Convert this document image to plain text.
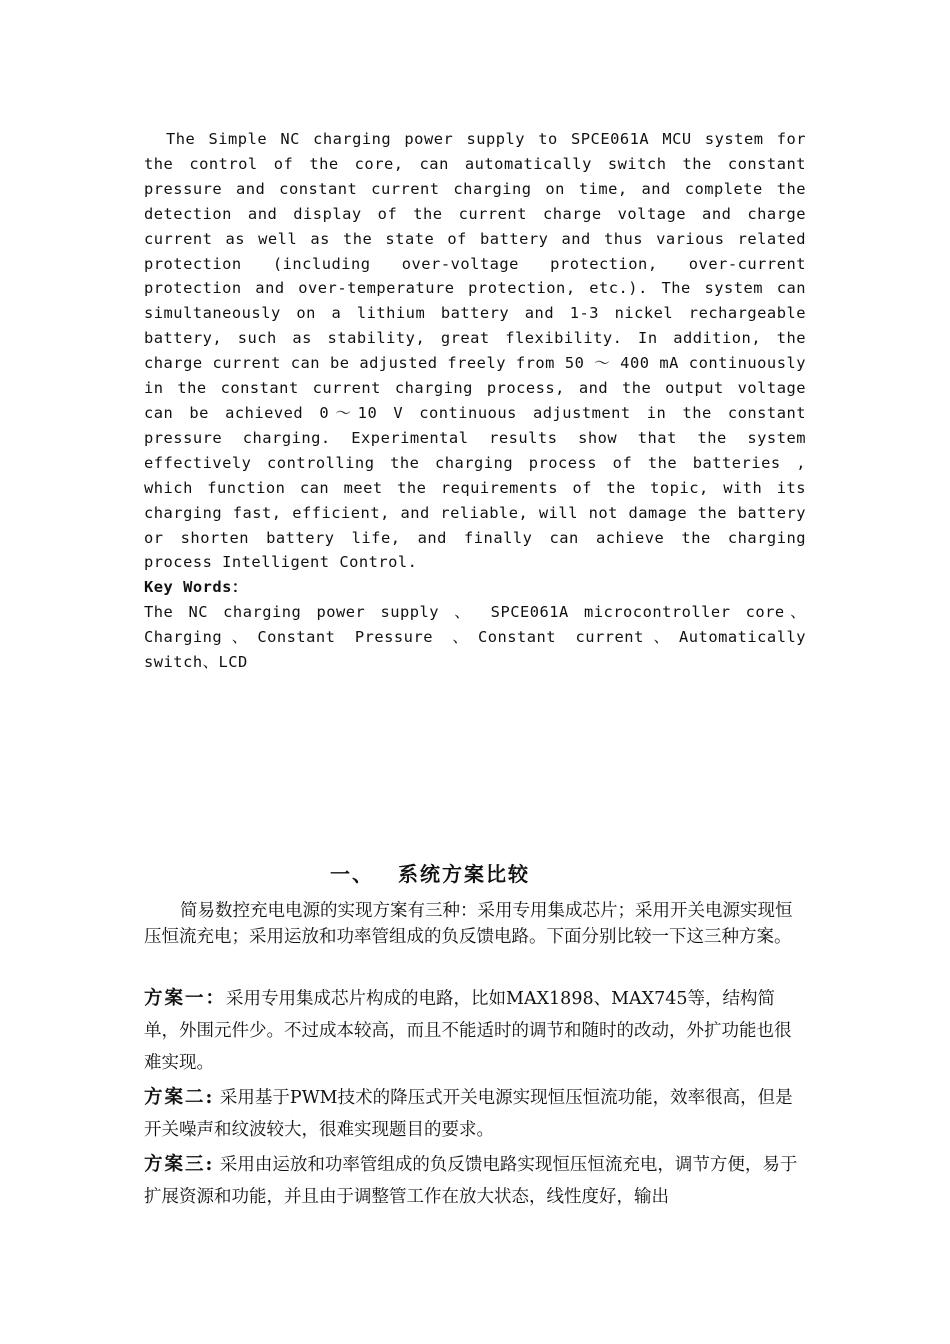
The Simple NC charging power supply to SPCE061A MCU system for the control of the core, can automatically switch the constant pressure and constant current charging on time, and complete the detection and display of the current charge voltage and charge current as well as the state of battery and thus various related protection (including over-voltage protection, over-current protection and over-temperature protection, etc.). The system can simultaneously on a lithium battery and 1-3 nickel rechargeable battery, such as stability, great flexibility. In addition, the charge current can be adjusted freely from 50 ～ 400 mA continuously in the constant current charging process, and the output voltage can be achieved 0～10 V continuous adjustment in the constant pressure charging. Experimental results show that the system effectively controlling the charging process of the batteries , which function can meet the requirements of the topic, with its charging fast, efficient, and reliable, will not damage the battery or shorten battery life, and finally can achieve the charging process Intelligent Control.

Key Words：

The NC charging power supply 、 SPCE061A microcontroller core、Charging、Constant Pressure 、Constant current、Automatically switch、LCD

一、 系统方案比较

简易数控充电电源的实现方案有三种：采用专用集成芯片；采用开关电源实现恒压恒流充电；采用运放和功率管组成的负反馈电路。下面分别比较一下这三种方案。

方案一：采用专用集成芯片构成的电路，比如MAX1898、MAX745等，结构简单，外围元件少。不过成本较高，而且不能适时的调节和随时的改动，外扩功能也很难实现。

方案二: 采用基于PWM技术的降压式开关电源实现恒压恒流功能，效率很高，但是开关噪声和纹波较大，很难实现题目的要求。

方案三: 采用由运放和功率管组成的负反馈电路实现恒压恒流充电，调节方便，易于扩展资源和功能，并且由于调整管工作在放大状态，线性度好，输出
